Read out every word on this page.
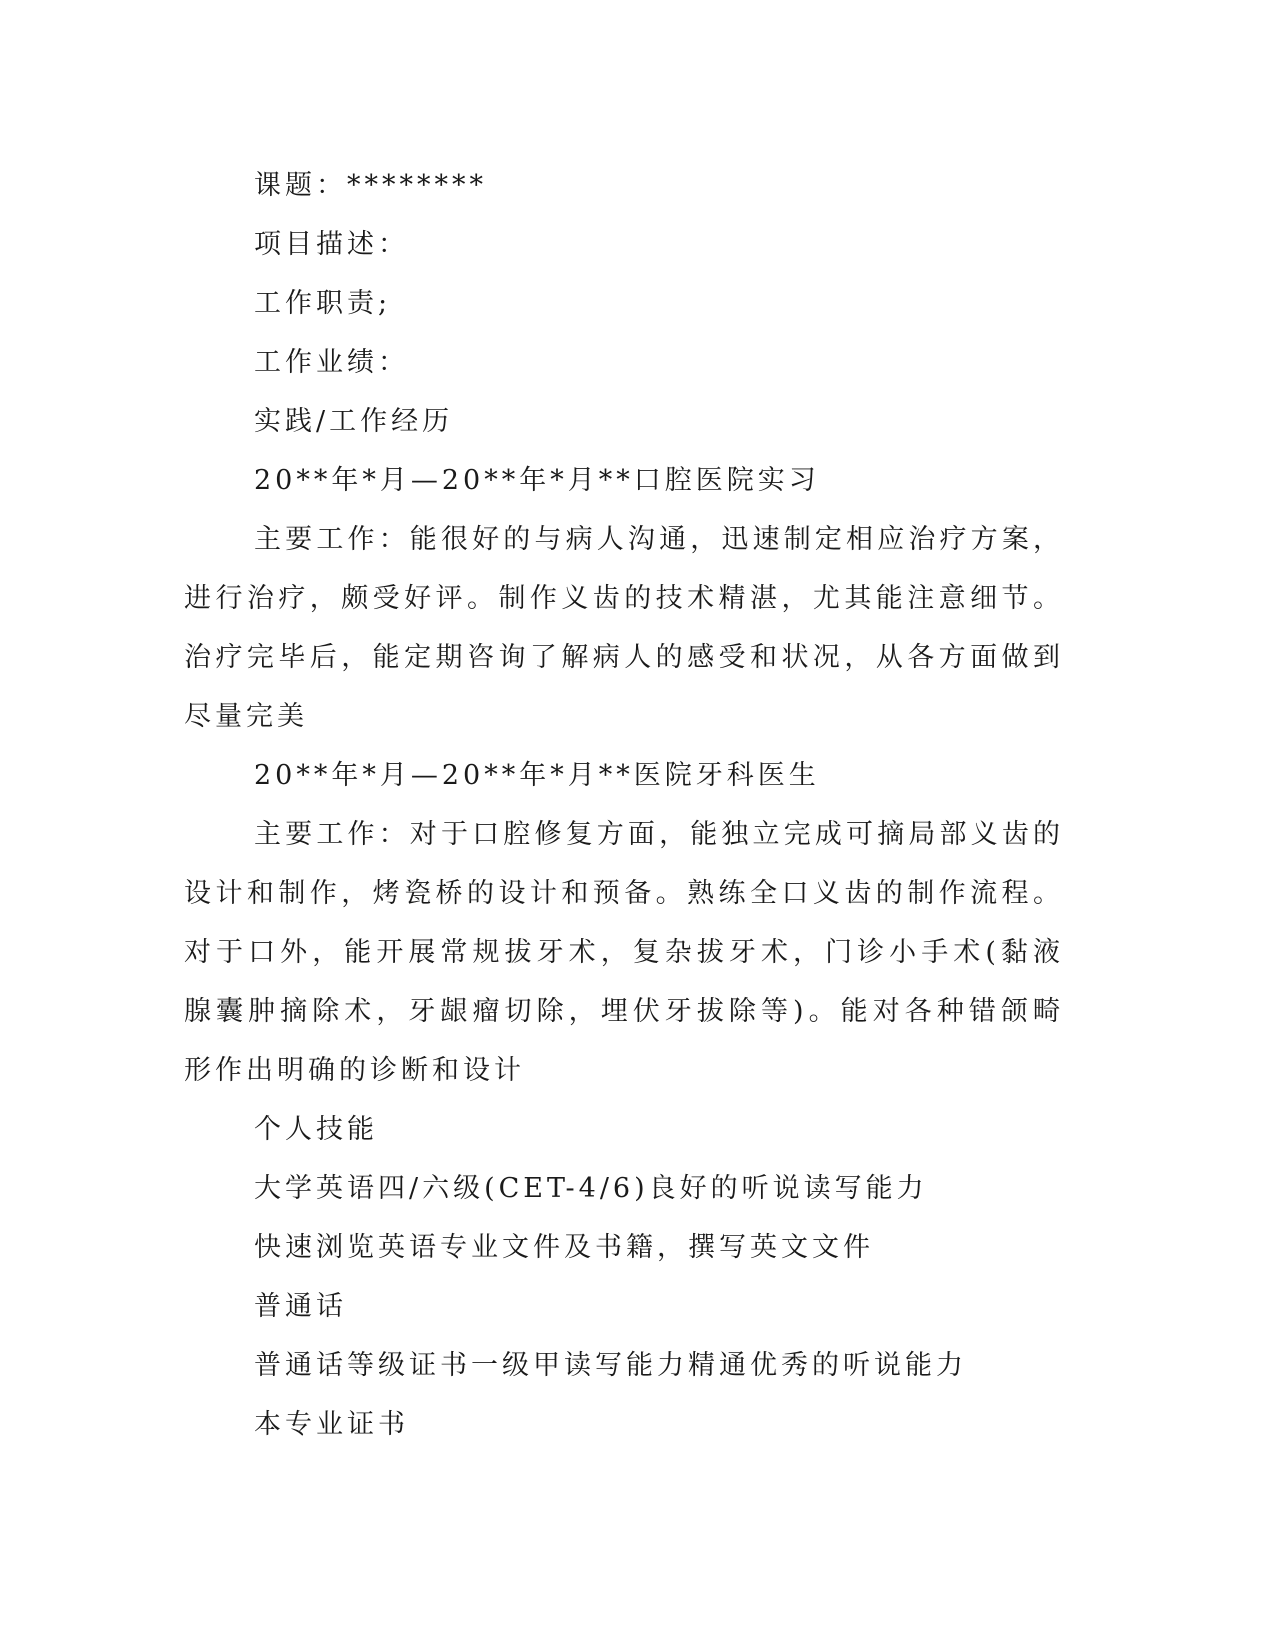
课题：********

项目描述：

工作职责;

工作业绩：

实践/工作经历

20**年*月—20**年*月**口腔医院实习

主要工作：能很好的与病人沟通，迅速制定相应治疗方案，进行治疗，颇受好评。制作义齿的技术精湛，尤其能注意细节。治疗完毕后，能定期咨询了解病人的感受和状况，从各方面做到尽量完美

20**年*月—20**年*月**医院牙科医生

主要工作：对于口腔修复方面，能独立完成可摘局部义齿的设计和制作，烤瓷桥的设计和预备。熟练全口义齿的制作流程。对于口外，能开展常规拔牙术，复杂拔牙术，门诊小手术(黏液腺囊肿摘除术，牙龈瘤切除，埋伏牙拔除等)。能对各种错颌畸形作出明确的诊断和设计

个人技能

大学英语四/六级(CET-4/6)良好的听说读写能力

快速浏览英语专业文件及书籍，撰写英文文件

普通话

普通话等级证书一级甲读写能力精通优秀的听说能力

本专业证书
